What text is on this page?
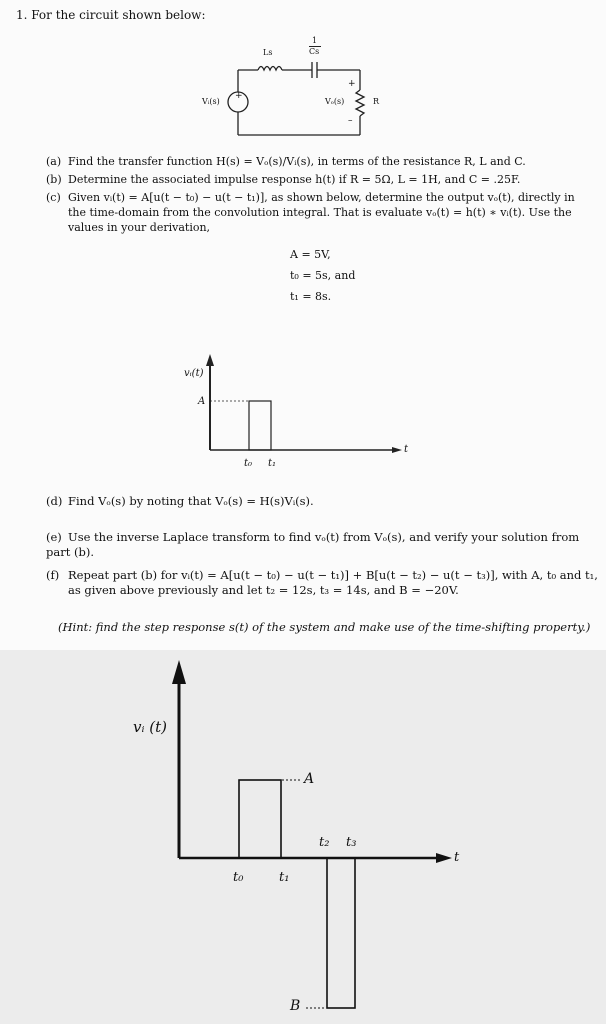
1. For the circuit shown below:
Ls
1
Cs
Vᵢ(s)
+
Vₒ(s)
+
–
R
(a) Find the transfer function H(s) = Vₒ(s)/Vᵢ(s), in terms of the resistance R, L and C.
(b) Determine the associated impulse response h(t) if R = 5Ω, L = 1H, and C = .25F.
(c) Given vᵢ(t) = A[u(t − t₀) − u(t − t₁)], as shown below, determine the output vₒ(t), directly in
the time-domain from the convolution integral. That is evaluate vₒ(t) = h(t) ∗ vᵢ(t). Use the
values in your derivation,
A = 5V,
t₀ = 5s, and
t₁ = 8s.
vᵢ(t)
A
t₀ t₁
t
(d) Find Vₒ(s) by noting that Vₒ(s) = H(s)Vᵢ(s).
(e) Use the inverse Laplace transform to find vₒ(t) from Vₒ(s), and verify your solution from part (b).
(f) Repeat part (b) for vᵢ(t) = A[u(t − t₀) − u(t − t₁)] + B[u(t − t₂) − u(t − t₃)], with A, t₀ and t₁,
as given above previously and let t₂ = 12s, t₃ = 14s, and B = −20V.
(Hint: find the step response s(t) of the system and make use of the time-shifting property.)
vᵢ (t)
A
B
t₀	t₁
t₂ t₃
t
